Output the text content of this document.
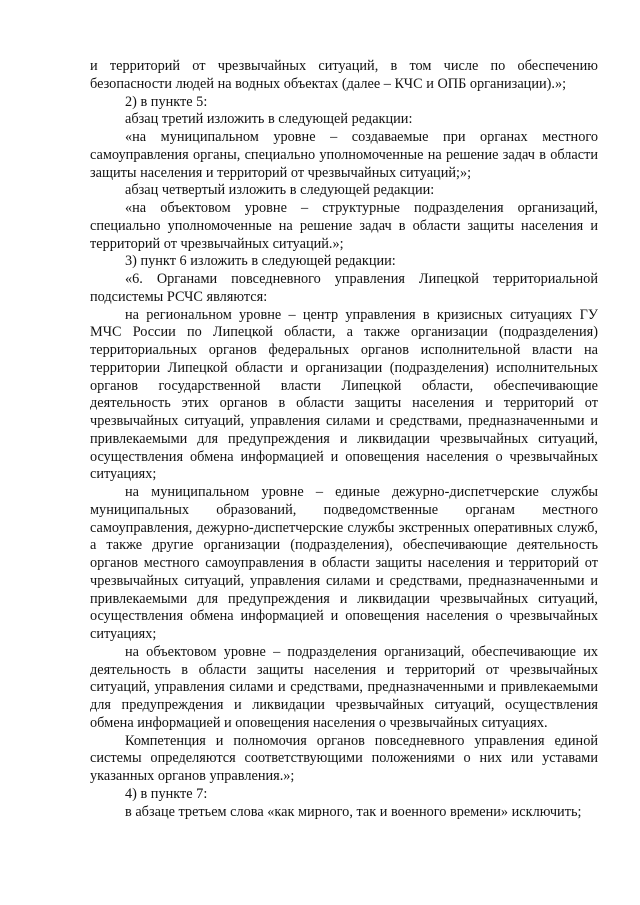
и территорий от чрезвычайных ситуаций, в том числе по обеспечению безопасности людей на водных объектах (далее – КЧС и ОПБ организации).»;

2) в пункте 5:

абзац третий изложить в следующей редакции:

«на муниципальном уровне – создаваемые при органах местного самоуправления органы, специально уполномоченные на решение задач в области защиты населения и территорий от чрезвычайных ситуаций;»;

абзац четвертый изложить в следующей редакции:

«на объектовом уровне – структурные подразделения организаций, специально уполномоченные на решение задач в области защиты населения и территорий от чрезвычайных ситуаций.»;

3) пункт 6 изложить в следующей редакции:

«6. Органами повседневного управления Липецкой территориальной подсистемы РСЧС являются:

на региональном уровне – центр управления в кризисных ситуациях ГУ МЧС России по Липецкой области, а также организации (подразделения) территориальных органов федеральных органов исполнительной власти на территории Липецкой области и организации (подразделения) исполнительных органов государственной власти Липецкой области, обеспечивающие деятельность этих органов в области защиты населения и территорий от чрезвычайных ситуаций, управления силами и средствами, предназначенными и привлекаемыми для предупреждения и ликвидации чрезвычайных ситуаций, осуществления обмена информацией и оповещения населения о чрезвычайных ситуациях;

на муниципальном уровне – единые дежурно-диспетчерские службы муниципальных образований, подведомственные органам местного самоуправления, дежурно-диспетчерские службы экстренных оперативных служб, а также другие организации (подразделения), обеспечивающие деятельность органов местного самоуправления в области защиты населения и территорий от чрезвычайных ситуаций, управления силами и средствами, предназначенными и привлекаемыми для предупреждения и ликвидации чрезвычайных ситуаций, осуществления обмена информацией и оповещения населения о чрезвычайных ситуациях;

на объектовом уровне – подразделения организаций, обеспечивающие их деятельность в области защиты населения и территорий от чрезвычайных ситуаций, управления силами и средствами, предназначенными и привлекаемыми для предупреждения и ликвидации чрезвычайных ситуаций, осуществления обмена информацией и оповещения населения о чрезвычайных ситуациях.

Компетенция и полномочия органов повседневного управления единой системы определяются соответствующими положениями о них или уставами указанных органов управления.»;

4) в пункте 7:

в абзаце третьем слова «как мирного, так и военного времени» исключить;
